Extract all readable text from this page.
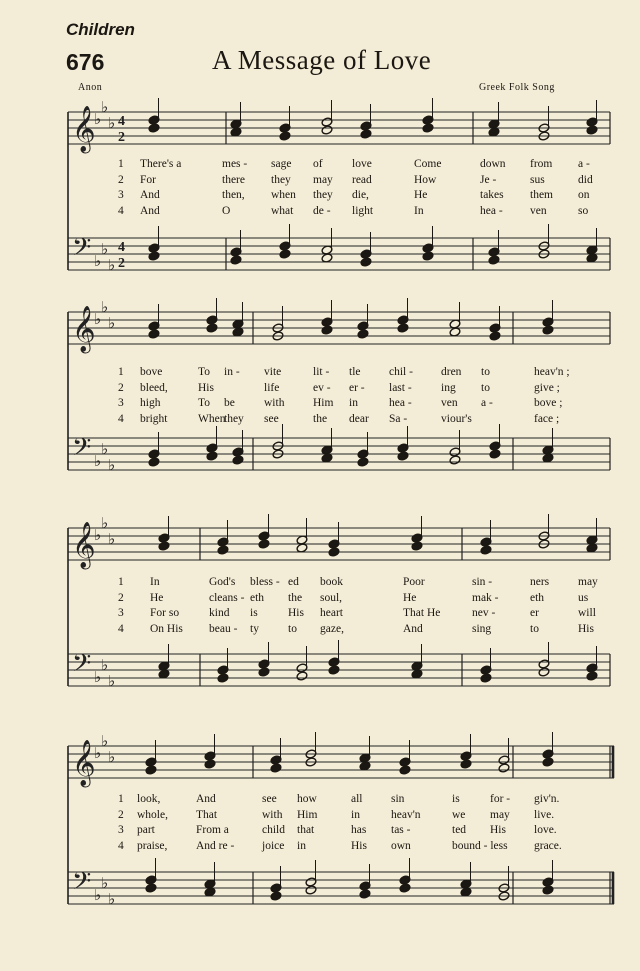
Children
676	A Message of Love
Anon	Greek Folk Song
𝄞
♭
♭
♭ 4
2
𝄢 ♭
♭
♭
4
2
1 There's a	mes - sage of	love	Come	down from a -
2 For	there they may read	How	Je -	sus	did
3 And	then, when they die,	He	takes them on
4 And	O	what de - light	In	hea - ven	so
𝄞
♭
♭
♭
𝄢 ♭
♭
♭
1 bove	To in - vite	lit - tle chil - dren to	heav'n ;
2 bleed,	His	life	ev - er - last -	ing to	give ;
3 high	To be	with Him in	hea -	ven a -	bove ;
4 bright	When
they see	the dear Sa -	viour's	face ;
𝄞
♭
♭
♭
𝄢 ♭
♭
♭
1 In	God's bless - ed book	Poor	sin -	ners	may
2 He	cleans - eth the soul,	He	mak -	eth	us
3 For so	kind is	His heart	That He	nev -	er	will
4 On His beau - ty	to gaze,	And	sing	to	His
𝄞
♭
♭
♭
𝄢 ♭
♭
♭
1 look,	And	see how	all sin	is	for - giv'n.
2 whole, That	with Him	in	heav'n	we may live.
3 part	From a	child that	has tas -	ted His love.
4 praise, And re - joice in	His own	bound - less grace.
